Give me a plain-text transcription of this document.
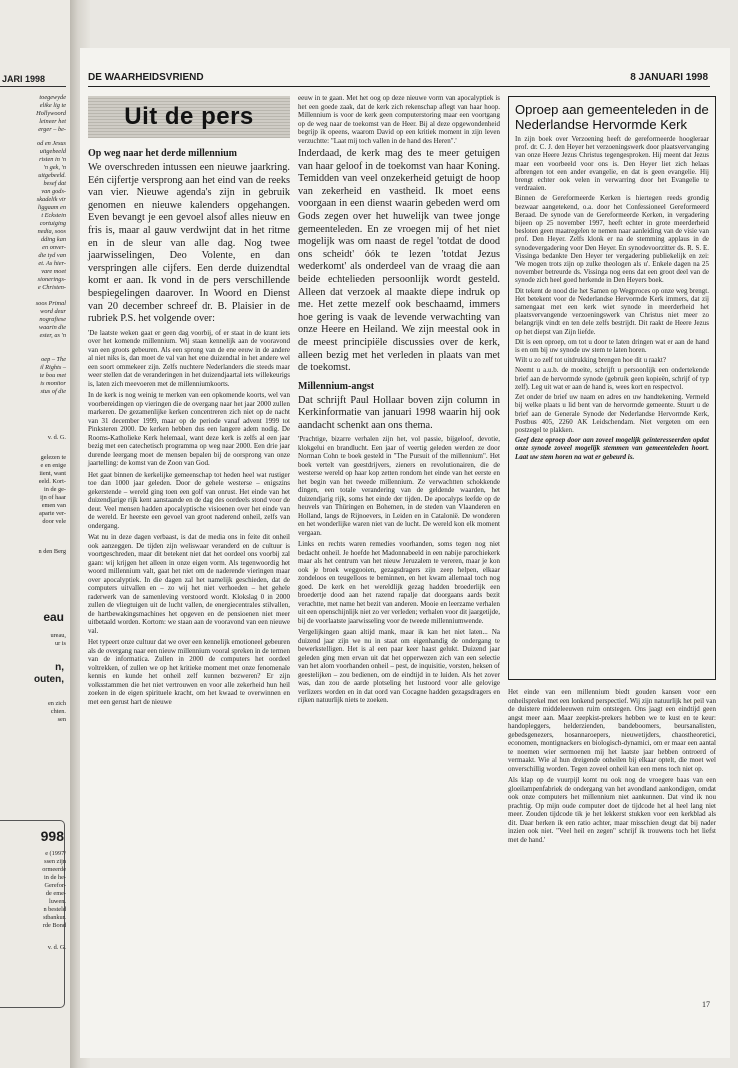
JARI 1998
toegewyde
elike lig te
Hollywoord
leineer het
erger – be-
od en Jesus
uitgebeeld
risten in 'n
'n gek, 'n
uitgebeeld.
besef dat
van gods-
skadelik vir
liggaam en
t Eckstein
cortuiging
nedia, soos
dding kan
en onver-
die tyd van
et. As hier-
vare moet
sionerings-
e Christen-
soos Primal
word deur
nografiese
waarin die
ester, as 'n
oep – The
il Rights –
te bou met
is monitor
stus of die
v. d. G.
gelezen te
e en enige
iient, want
eeld. Kort-
in de ge-
ijn of haar
emen van
aparte ver-
door vele
n den Berg
eau
ureau,
ur is
n,
outen,
en zich
chten.
sen
998
e (1997/
ssen zijn
ormeerde
in de he-
Gerefor-
de eme-
luwen.
n besteld
stbankur.
rde Bond
v. d. G.
DE WAARHEIDSVRIEND	8 JANUARI 1998
Uit de pers
Op weg naar het derde millennium

We overschreden intussen een nieuwe jaarkring. Eén cijfertje versprong aan het eind van de reeks van vier. Nieuwe agenda's zijn in gebruik genomen en nieuwe kalenders opgehangen. Even bevangt je een gevoel alsof alles nieuw en fris is, maar al gauw verdwijnt dat in het ritme en in de sleur van alle dag. Nog twee jaarwisselingen, Deo Volente, en dan verspringen alle cijfers. Een derde duizendtal komt er aan. Ik vond in de pers verschillende bespiegelingen daarover. In Woord en Dienst van 20 december schreef dr. B. Plaisier in de rubriek P.S. het volgende over:

'De laatste weken gaat er geen dag voorbij, of er staat in de krant iets over het komende millennium. Wij staan kennelijk aan de vooravond van een groots gebeuren. Als een sprong van de ene eeuw in de andere al niet niks is, dan moet de val van het ene duizendtal in het andere wel een soort ommekeer zijn. Zelfs nuchtere Nederlanders die steeds maar weer stellen dat de veranderingen in het duizendjaartal iets willekeurigs is, laten zich meevoeren met de millenniumkoorts.

In de kerk is nog weinig te merken van een opkomende koorts, wel van voorbereidingen op vieringen die de overgang naar het jaar 2000 zullen markeren. De gezamenlijke kerken concentreren zich niet op de nacht van 31 december 1999, maar op de periode vanaf advent 1999 tot Pinksteren 2000. De kerken hebben dus een langere adem nodig. De Rooms-Katholieke Kerk helemaal, want deze kerk is zelfs al een jaar bezig met een catechetisch programma op weg naar 2000. Een drie jaar durende leergang moet de mensen bepalen bij de oorsprong van onze jaartelling: de komst van de Zoon van God.

Het gaat binnen de kerkelijke gemeenschap tot heden heel wat rustiger toe dan 1000 jaar geleden. Door de gehele westerse – enigszins gekerstende – wereld ging toen een golf van onrust. Het einde van het duizendjarige rijk kent aanstaande en de dag des oordeels stond voor de deur. Veel mensen hadden apocalyptische visioenen over het einde van de wereld. Er heerste een gevoel van groot naderend onheil, zelfs van ondergang.

Wat nu in deze dagen verbaast, is dat de media ons in feite dit onheil ook aanzeggen. De tijden zijn weliswaar veranderd en de cultuur is voortgeschreden, maar dit betekent niet dat het oordeel ons voorbij zal gaan: wij krijgen het alleen in onze eigen vorm. Als tegenwoordig het woord millennium valt, gaat het niet om de naderende vieringen maar over apocalyptiek. In die dagen zal het namelijk geschieden, dat de computers uitvallen en – zo wij het niet verhoeden – het gehele raderwerk van de samenleving verstoord wordt. Klokslag 0 in 2000 zullen de vliegtuigen uit de lucht vallen, de energiecentrales stilvallen, de hartbewakingsmachines het opgeven en de pensioenen niet meer uitbetaald worden. Kortom: we staan aan de vooravond van een nieuwe val.

Het typeert onze cultuur dat we over een kennelijk emotioneel gebeuren als de overgang naar een nieuw millennium vooral spreken in de termen van de informatica. Zullen in 2000 de computers het oordeel voltrekken, of zullen we op het kritieke moment met onze fenomenale kennis en kunde het onheil zelf kunnen bezweren? Er zijn volksstammen die het niet vertrouwen en voor alle zekerheid hun heil zoeken in de eigen spirituele kracht, om het kwaad te overwinnen en met een gerust hart de nieuwe

eeuw in te gaan. Met het oog op deze nieuwe vorm van apocalyptiek is het een goede zaak, dat de kerk zich rekenschap aflegt van haar hoop. Millennium is voor de kerk geen computerstoring maar een voortgang op de weg naar de toekomst van de Heer. Bij al deze opgewondenheid begrijp ik opeens, waarom David op een kritiek moment in zijn leven verzuchtte: "Laat mij toch vallen in de hand des Heren".'

Inderdaad, de kerk mag des te meer getuigen van haar geloof in de toekomst van haar Koning. Temidden van veel onzekerheid getuigt de hoop van zekerheid en vastheid. Ik moet eens voorgaan in een dienst waarin gebeden werd om Gods zegen over het huwelijk van twee jonge gemeenteleden. En ze vroegen mij of het niet mogelijk was om naast de regel 'totdat de dood ons scheidt' óók te lezen 'totdat Jezus wederkomt' als onderdeel van de vraag die aan beide echtelieden persoonlijk wordt gesteld. Alleen dat verzoek al maakte diepe indruk op me. Het zette mezelf ook beschaamd, immers hoe gering is vaak de levende verwachting van onze Heere en Heiland. We zijn meestal ook in de meest principiële discussies over de kerk, alleen bezig met het verleden in plaats van met de toekomst.

Millennium-angst

Dat schrijft Paul Hollaar boven zijn column in Kerkinformatie van januari 1998 waarin hij ook aandacht schenkt aan ons thema.

'Prachtige, bizarre verhalen zijn het, vol passie, bijgeloof, devotie, klokgelui en brandlucht. Een jaar of veertig geleden werden ze door Norman Cohn te boek gesteld in "The Pursuit of the millennium". Het boek vertelt van geestdrijvers, zieners en revolutionairen, die de westerse wereld op haar kop zetten rondom het einde van het eerste en het begin van het tweede millennium. Ze verwachtten schokkende dingen, een totale verandering van de geldende waarden, het duizendjarig rijk, soms het einde der tijden. De apocalyps leefde op de heuvels van Thüringen en Bohemen, in de steden van Vlaanderen en Holland, langs de Rijnoevers, in Leiden en in Catalonië. De wonderen en het wonderlijke waren niet van de lucht. De wereld kon elk moment vergaan.

Links en rechts waren remedies voorhanden, soms tegen nog niet bedacht onheil. Je hoefde het Madonnabeeld in een nabije parochiekerk maar als het centrum van het nieuw Jeruzalem te vereren, maar je kon ook je broek weggooien, gezagsdragers zijn zeep helpen, elkaar zondeloos en teugelloos te beminnen, en het kwam allemaal toch nog goed. De kerk en het wereldlijk gezag hadden broederlijk een broedertje dood aan het razend rapalje dat doorgaans aards bezit verachtte, met name het bezit van anderen. Mooie en leerzame verhalen uit een openschijnlijk niet zo ver verleden; verhalen voor dit jaargetijde, bij de voorlaatste jaarwisseling voor de tweede millenniumwende.

Vergelijkingen gaan altijd mank, maar ik kan het niet laten... Na duizend jaar zijn we nu in staat om eigenhandig de ondergang te bewerkstelligen. Het is al een paar keer haast gelukt. Duizend jaar geleden ging men ervan uit dat het opperwezen zich van een selectie van het alom voorhanden onheil – pest, de inquisitie, vorsten, heksen of geestelijken – zou bedienen, om de eindtijd in te luiden. Als het zover was, dan zou de aarde plotseling het lustoord voor alle gelovige verlizers worden en in dat oord van Cocagne hadden gezagsdragers en rijken natuurlijk niets te zoeken.

Oproep aan gemeenteleden in de Nederlandse Hervormde Kerk

In zijn boek over Verzoening heeft de gereformeerde hoogleraar prof. dr. C. J. den Heyer het verzoeningswerk door plaatsvervanging van onze Heere Jezus Christus tegengesproken. Hij meent dat Jezus maar een voorbeeld voor ons is. Den Heyer liet zich helaas afbrengen tot een ander evangelie, en dat is geen evangelie. Hij brengt echter ook velen in verwarring door het Evangelie te verdraaien.

Binnen de Gereformeerde Kerken is hiertegen reeds grondig bezwaar aangetekend, o.a. door het Confessioneel Gereformeerd Beraad. De synode van de Gereformeerde Kerken, in vergadering bijeen op 25 november 1997, heeft echter in grote meerderheid besloten geen maatregelen te nemen naar aanleiding van de visie van prof. Den Heyer. Zelfs klonk er na de stemming applaus in de synodevergadering voor Den Heyer. En synodevoorzitter ds. R. S. E. Vissinga bedankte Den Heyer ter vergadering publiekelijk en zei: 'We mogen trots zijn op zulke theologen als u'. Enkele dagen na 25 november betreurde ds. Vissinga nog eens dat een groot deel van de synode zich heel goed herkende in Den Heyers boek.

Dit tekent de nood die het Samen op Wegproces op onze weg brengt. Het betekent voor de Nederlandse Hervormde Kerk immers, dat zij samengaat met een kerk wiet synode in meerderheid het plaatsvervangende verzoeningswerk van Christus niet meer zo belangrijk vindt en ten dele zelfs bestrijdt. Dit raakt de Heere Jezus op het diepst van Zijn liefde.

Dit is een oproep, om tot u door te laten dringen wat er aan de hand is en om bij uw synode uw stem te laten horen.

Wilt u zo zelf tot uitdrukking brengen hoe dit u raakt?

Neemt u a.u.b. de moeite, schrijft u persoonlijk een ondertekende brief aan de hervormde synode (gebruik geen kopieën, schrijf of typ zelf). Leg uit wat er aan de hand is, wees kort en respectvol.

Zet onder de brief uw naam en adres en uw handtekening. Vermeld bij welke plaats u lid bent van de hervormde gemeente. Stuurt u de brief aan de Generale Synode der Nederlandse Hervormde Kerk, Postbus 405, 2260 AK Leidschendam. Niet vergeten om een postzegel te plakken.

Geef deze oproep door aan zoveel mogelijk geïnteresseerden opdat onze synode zoveel mogelijk stemmen van gemeenteleden hoort. Laat uw stem horen na wat er gebeurd is.

Het einde van een millennium biedt gouden kansen voor een onheilsprekel met een lonkend perspectief. Wij zijn natuurlijk het peil van de duistere middeleeuwen ruim ontstegen. Ons jaagt een eindtijd geen angst meer aan. Maar zeepkist-prekers hebben we te kust en te keur: handopleggers, helderzienden, bandeboomers, beursanalisten, gebedsgenezers, hosannaroepers, nieuwetijders, chaostheoretici, economen, montignackers en biologisch-dynamici, om er maar een aantal te noemen wier sermoenen mij het laatste jaar hebben ontroerd of vermaakt. Wie al hun dreigende onheilen bij elkaar optelt, die moet wel onverschillig worden. Tegen zoveel onheil kan een mens toch niet op.

Als klap op de vuurpijl komt nu ook nog de vroegere baas van een gloeilampenfabriek de ondergang van het avondland aankondigen, omdat ook onze computers het millennium niet aankunnen. Dat vind ik nou prachtig. Op mijn oude computer doet de tijdcode het al heel lang niet meer. Zouden tijdcode tik je het lekkerst stukken voor een kerkblad als dit. Daar herken ik een ratio achter, maar misschien deugt dat bij nader inzien ook niet. "Veel heil en zegen" schrijf ik trouwens toch het liefst met de hand.'

17
